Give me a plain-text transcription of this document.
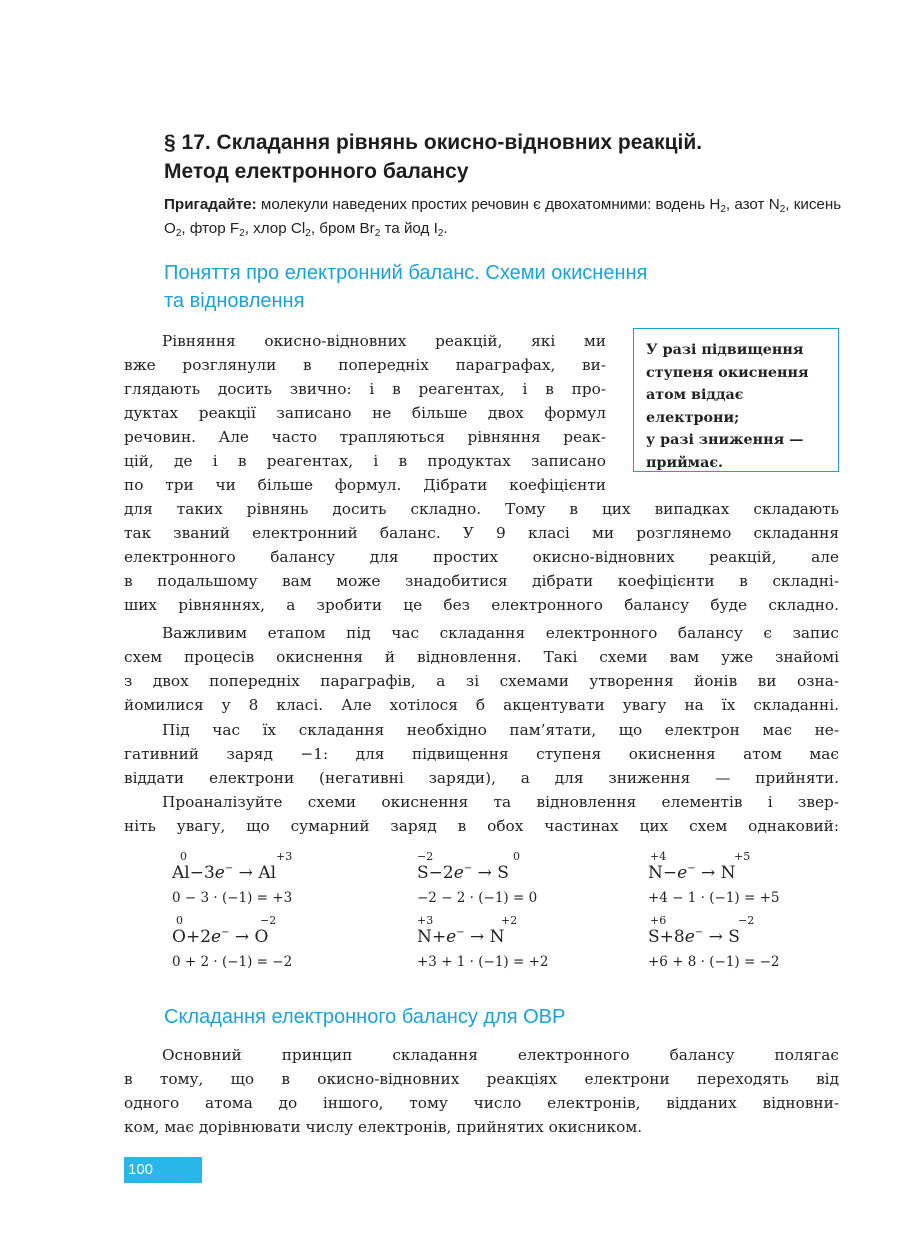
§ 17. Складання рівнянь окисно-відновних реакцій.
Метод електронного балансу
Пригадайте: молекули наведених простих речовин є двохатомними: водень $H_2$, азот $N_2$, кисень $O_2$, фтор $F_2$, хлор $Cl_2$, бром $Br_2$ та йод $I_2$.
Поняття про електронний баланс. Схеми окиснення
та відновлення
У разі підвищення
ступеня окиснення
атом віддає
електрони;
у разі зниження —
приймає.
Рівняння окисно-відновних реакцій, які ми
вже розглянули в попередніх параграфах, ви-
глядають досить звично: і в реагентах, і в про-
дуктах реакції записано не більше двох формул
речовин. Але часто трапляються рівняння реак-
цій, де і в реагентах, і в продуктах записано
по три чи більше формул. Дібрати коефіцієнти
для таких рівнянь досить складно. Тому в цих випадках складають
так званий електронний баланс. У 9 класі ми розглянемо складання
електронного балансу для простих окисно-відновних реакцій, але
в подальшому вам може знадобитися дібрати коефіцієнти в складні-
ших рівняннях, а зробити це без електронного балансу буде складно.
Важливим етапом під час складання електронного балансу є запис
схем процесів окиснення й відновлення. Такі схеми вам уже знайомі
з двох попередніх параграфів, а зі схемами утворення йонів ви озна-
йомилися у 8 класі. Але хотілося б акцентувати увагу на їх складанні.
Під час їх складання необхідно пам’ятати, що електрон має не-
гативний заряд −1: для підвищення ступеня окиснення атом має
віддати електрони (негативні заряди), а для зниження — прийняти.
Проаналізуйте схеми окиснення та відновлення елементів і звер-
ніть увагу, що сумарний заряд в обох частинах цих схем однаковий:
0	+3
Al−3e− → Al
0 − 3 · (−1) = +3
−2	0
S−2e− → S
−2 − 2 · (−1) = 0
+4	+5
N−e− → N
+4 − 1 · (−1) = +5
0	−2
O+2e− → O
0 + 2 · (−1) = −2
+3	+2
N+e− → N
+3 + 1 · (−1) = +2
+6	−2
S+8e− → S
+6 + 8 · (−1) = −2
Складання електронного балансу для ОВР
Основний принцип складання електронного балансу полягає
в тому, що в окисно-відновних реакціях електрони переходять від
одного атома до іншого, тому число електронів, відданих відновни-
ком, має дорівнювати числу електронів, прийнятих окисником.
100
